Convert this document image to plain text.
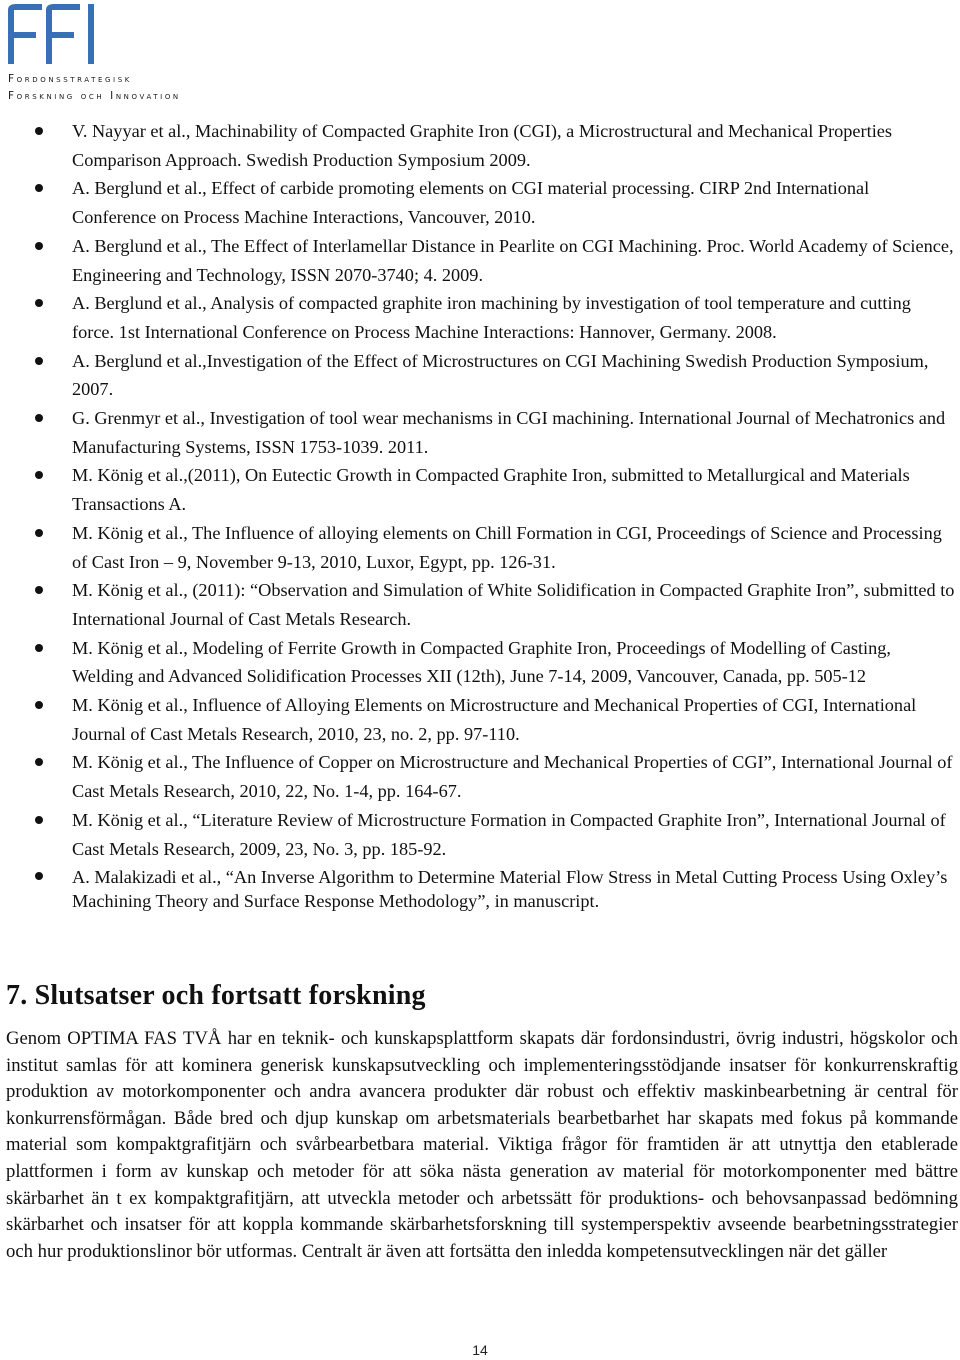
Fordonsstrategisk
Forskning och Innovation
V. Nayyar et al., Machinability of Compacted Graphite Iron (CGI), a Microstructural and Mechanical Properties Comparison Approach. Swedish Production Symposium 2009.
A. Berglund et al., Effect of carbide promoting elements on CGI material processing. CIRP 2nd International Conference on Process Machine Interactions, Vancouver, 2010.
A. Berglund et al., The Effect of Interlamellar Distance in Pearlite on CGI Machining. Proc. World Academy of Science, Engineering and Technology, ISSN 2070-3740; 4. 2009.
A. Berglund et al., Analysis of compacted graphite iron machining by investigation of tool temperature and cutting force. 1st International Conference on Process Machine Interactions: Hannover, Germany. 2008.
A. Berglund et al.,Investigation of the Effect of Microstructures on CGI Machining Swedish Production Symposium, 2007.
G. Grenmyr et al., Investigation of tool wear mechanisms in CGI machining. International Journal of Mechatronics and Manufacturing Systems, ISSN 1753-1039. 2011.
M. König et al.,(2011), On Eutectic Growth in Compacted Graphite Iron, submitted to Metallurgical and Materials Transactions A.
M. König et al., The Influence of alloying elements on Chill Formation in CGI, Proceedings of Science and Processing of Cast Iron – 9, November 9-13, 2010, Luxor, Egypt, pp. 126-31.
M. König et al., (2011): “Observation and Simulation of White Solidification in Compacted Graphite Iron”, submitted to International Journal of Cast Metals Research.
M. König et al., Modeling of Ferrite Growth in Compacted Graphite Iron, Proceedings of Modelling of Casting, Welding and Advanced Solidification Processes XII (12th), June 7-14, 2009, Vancouver, Canada, pp. 505-12
M. König et al., Influence of Alloying Elements on Microstructure and Mechanical Properties of CGI, International Journal of Cast Metals Research, 2010, 23, no. 2, pp. 97-110.
M. König et al., The Influence of Copper on Microstructure and Mechanical Properties of CGI”, International Journal of Cast Metals Research, 2010, 22, No. 1-4, pp. 164-67.
M. König et al., “Literature Review of Microstructure Formation in Compacted Graphite Iron”, International Journal of Cast Metals Research, 2009, 23, No. 3, pp. 185-92.
A. Malakizadi et al., “An Inverse Algorithm to Determine Material Flow Stress in Metal Cutting Process Using Oxley’s Machining Theory and Surface Response Methodology”, in manuscript.
7. Slutsatser och fortsatt forskning

Genom OPTIMA FAS TVÅ har en teknik- och kunskapsplattform skapats där fordonsindustri, övrig industri, högskolor och institut samlas för att kominera generisk kunskapsutveckling och implementeringsstödjande insatser för konkurrenskraftig produktion av motorkomponenter och andra avancera produkter där robust och effektiv maskinbearbetning är central för konkurrensförmågan. Både bred och djup kunskap om arbetsmaterials bearbetbarhet har skapats med fokus på kommande material som kompaktgrafitjärn och svårbearbetbara material. Viktiga frågor för framtiden är att utnyttja den etablerade plattformen i form av kunskap och metoder för att söka nästa generation av material för motorkomponenter med bättre skärbarhet än t ex kompaktgrafitjärn, att utveckla metoder och arbetssätt för produktions- och behovsanpassad bedömning skärbarhet och insatser för att koppla kommande skärbarhetsforskning till systemperspektiv avseende bearbetningsstrategier och hur produktionslinor bör utformas. Centralt är även att fortsätta den inledda kompetensutvecklingen när det gäller

14
